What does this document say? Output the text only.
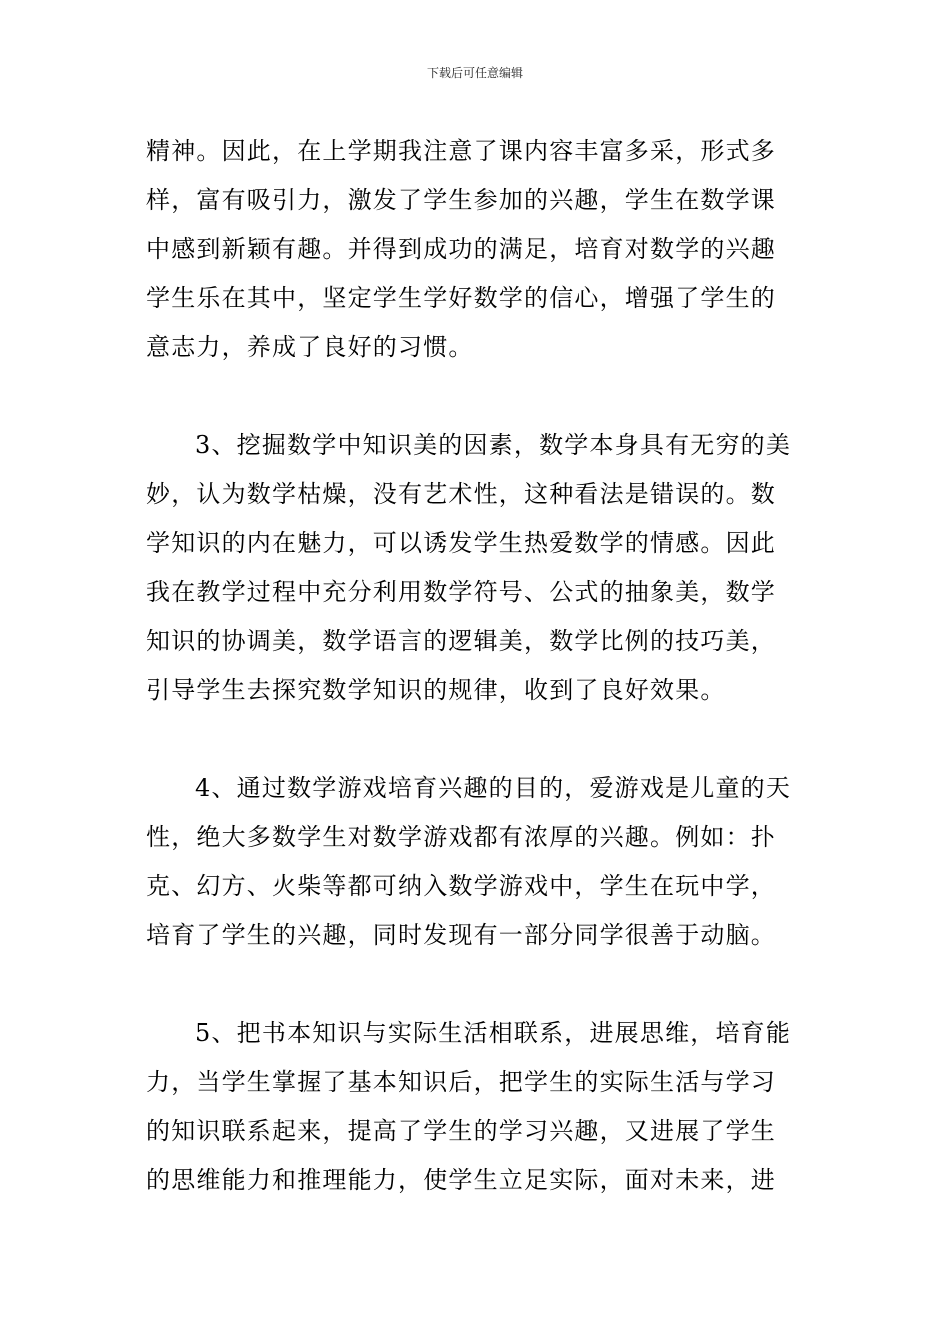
下载后可任意编辑
精神。因此，在上学期我注意了课内容丰富多采，形式多
样，富有吸引力，激发了学生参加的兴趣，学生在数学课
中感到新颖有趣。并得到成功的满足，培育对数学的兴趣
学生乐在其中，坚定学生学好数学的信心，增强了学生的
意志力，养成了良好的习惯。
3、挖掘数学中知识美的因素，数学本身具有无穷的美
妙，认为数学枯燥，没有艺术性，这种看法是错误的。数
学知识的内在魅力，可以诱发学生热爱数学的情感。因此
我在教学过程中充分利用数学符号、公式的抽象美，数学
知识的协调美，数学语言的逻辑美，数学比例的技巧美，
引导学生去探究数学知识的规律，收到了良好效果。
4、通过数学游戏培育兴趣的目的，爱游戏是儿童的天
性，绝大多数学生对数学游戏都有浓厚的兴趣。例如：扑
克、幻方、火柴等都可纳入数学游戏中，学生在玩中学，
培育了学生的兴趣，同时发现有一部分同学很善于动脑。
5、把书本知识与实际生活相联系，进展思维，培育能
力，当学生掌握了基本知识后，把学生的实际生活与学习
的知识联系起来，提高了学生的学习兴趣，又进展了学生
的思维能力和推理能力，使学生立足实际，面对未来，进
